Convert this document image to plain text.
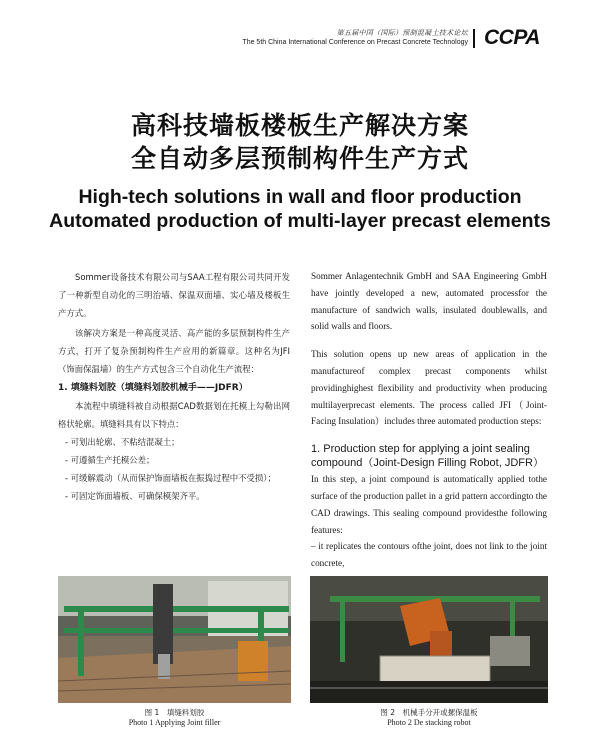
第五届中国（国际）预制混凝土技术论坛
The 5th China International Conference on Precast Concrete Technology CCPA
高科技墙板楼板生产解决方案
全自动多层预制构件生产方式
High-tech solutions in wall and floor production
Automated production of multi-layer precast elements

Sommer设备技术有限公司与SAA工程有限公司共同开发了一种新型自动化的三明治墙、保温双面墙、实心墙及楼板生产方式。

该解决方案是一种高度灵活、高产能的多层预制构件生产方式，打开了复杂预制构件生产应用的新篇章。这种名为JFI（饰面保温墙）的生产方式包含三个自动化生产流程：

1. 填缝料划胶（填缝料划胶机械手——JDFR）

本流程中填缝料被自动根据CAD数据划在托模上勾勒出网格状轮廓。填缝料具有以下特点：

- 可划出轮廓、不粘结混凝土；

- 可遵循生产托模公差；

- 可缓解震动（从而保护饰面墙板在振捣过程中不受损）；

- 可固定饰面墙板、可确保模架齐平。

Sommer Anlagentechnik GmbH and SAA Engineering GmbH have jointly developed a new, automated processfor the manufacture of sandwich walls, insulated doublewalls, and solid walls and floors.

This solution opens up new areas of application in the manufactureof complex precast components whilst providinghighest flexibility and productivity when producing multilayerprecast elements. The process called JFI（Joint-Facing Insulation）includes three automated production steps:

1. Production step for applying a joint sealing compound（Joint-Design Filling Robot, JDFR）

In this step, a joint compound is automatically applied tothe surface of the production pallet in a grid pattern accordingto the CAD drawings. This sealing compound providesthe following features:

– it replicates the contours ofthe joint, does not link to the joint concrete,

图 1　填缝料划胶
Photo 1 Applying Joint filler
图 2　机械手分开或摞保温板
Photo 2 De stacking robot
